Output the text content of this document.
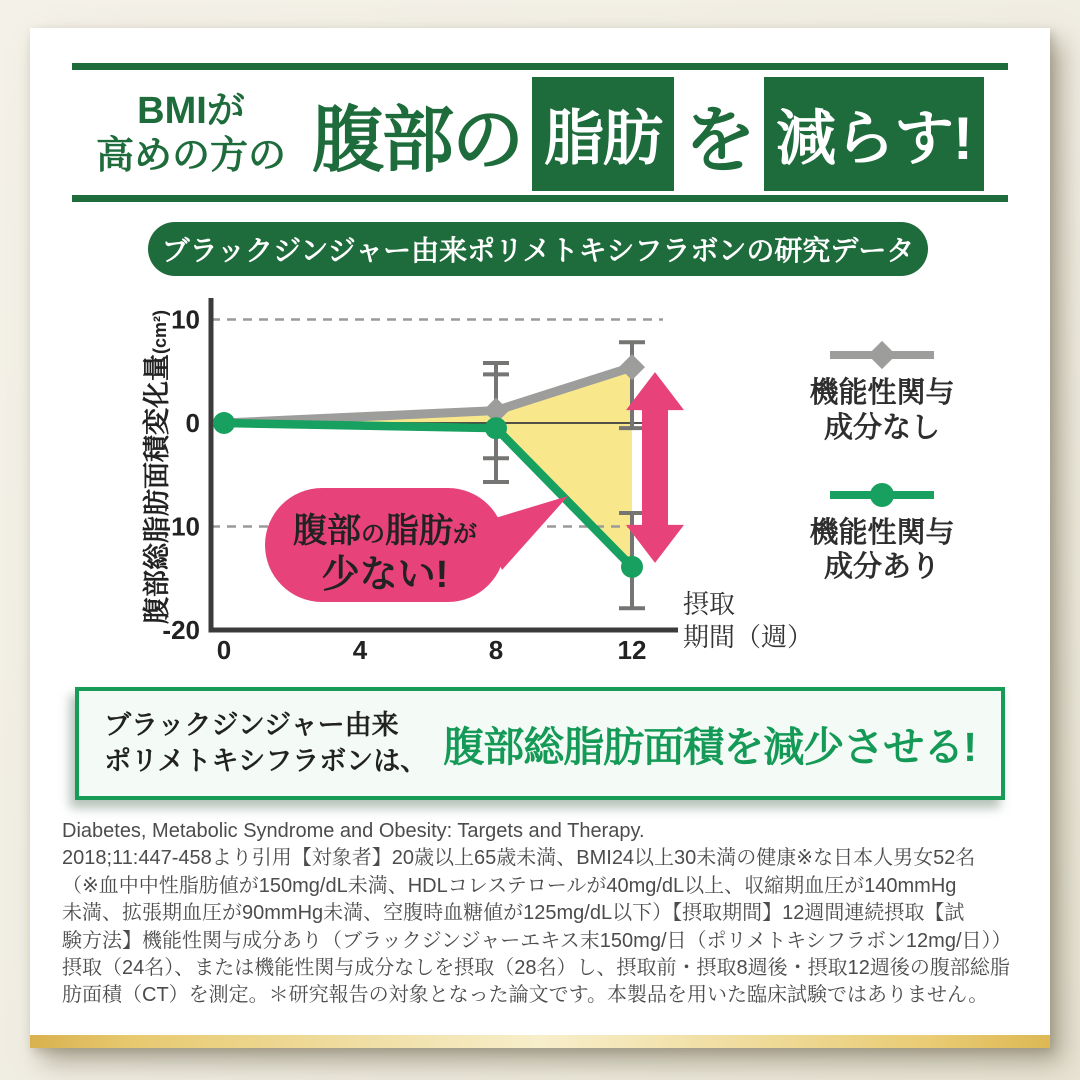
BMIが
高めの方の 腹部の 脂肪 を 減らす!
ブラックジンジャー由来ポリメトキシフラボンの研究データ
10
0
-10
-20
0	4	8	12
腹部総脂肪面積変化量(cm²)
腹部の脂肪が
少ない!
摂取
期間（週）
機能性関与
成分なし
機能性関与
成分あり
ブラックジンジャー由来
ポリメトキシフラボンは、 腹部総脂肪面積を減少させる!
Diabetes, Metabolic Syndrome and Obesity: Targets and Therapy.
2018;11:447-458より引用【対象者】20歳以上65歳未満、BMI24以上30未満の健康※な日本人男女52名
（※血中中性脂肪値が150mg/dL未満、HDLコレステロールが40mg/dL以上、収縮期血圧が140mmHg
未満、拡張期血圧が90mmHg未満、空腹時血糖値が125mg/dL以下）【摂取期間】12週間連続摂取【試
験方法】機能性関与成分あり（ブラックジンジャーエキス末150mg/日（ポリメトキシフラボン12mg/日））
摂取（24名）、または機能性関与成分なしを摂取（28名）し、摂取前・摂取8週後・摂取12週後の腹部総脂
肪面積（CT）を測定。＊研究報告の対象となった論文です。本製品を用いた臨床試験ではありません。
